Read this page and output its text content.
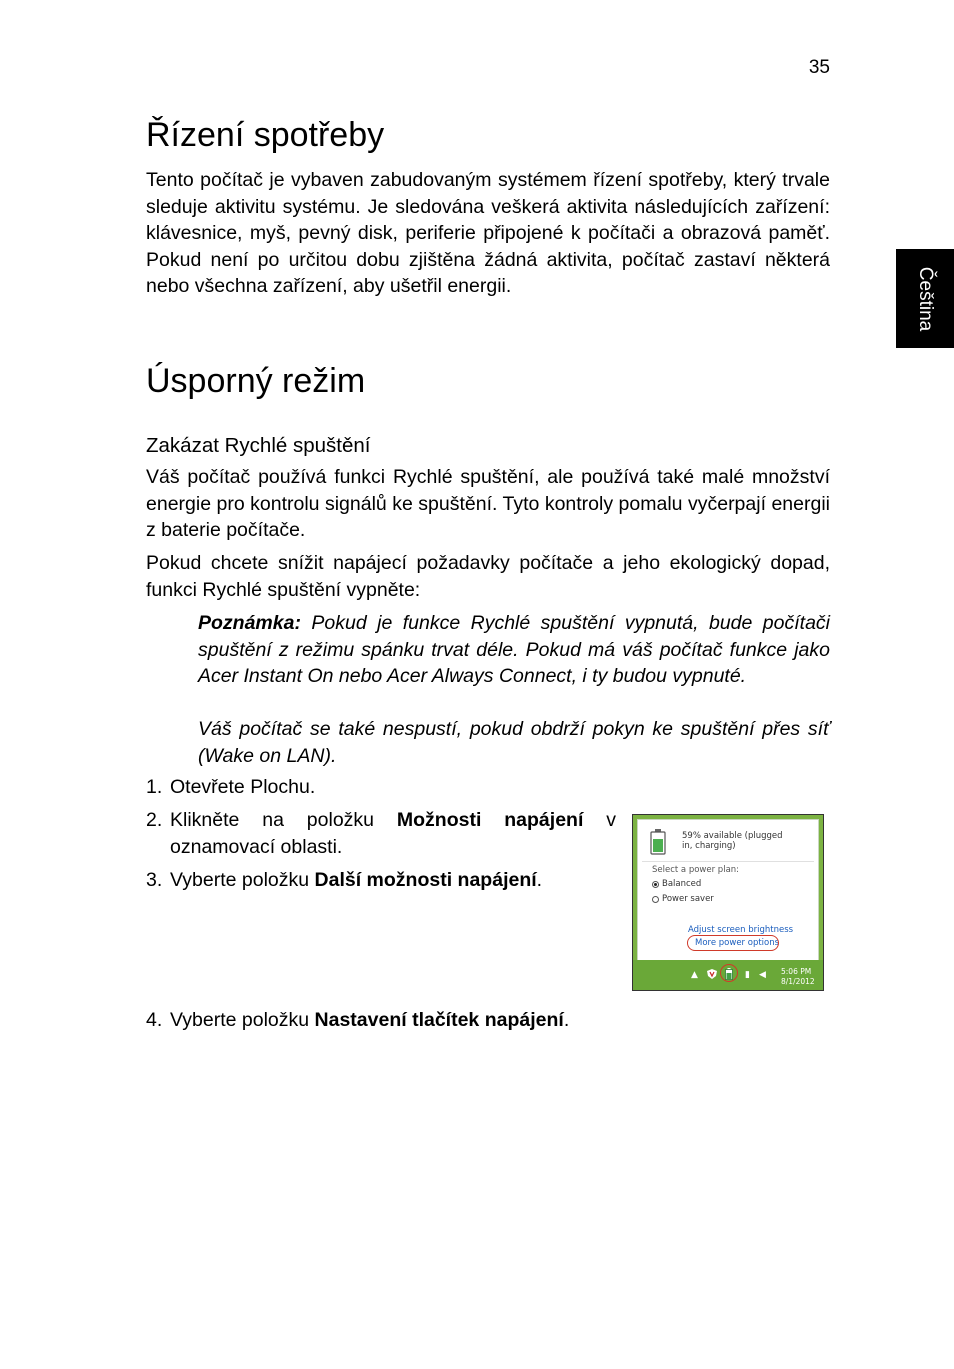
35
Čeština
Řízení spotřeby

Tento počítač je vybaven zabudovaným systémem řízení spotřeby, který trvale sleduje aktivitu systému. Je sledována veškerá aktivita následujících zařízení: klávesnice, myš, pevný disk, periferie připojené k počítači a obrazová paměť. Pokud není po určitou dobu zjištěna žádná aktivita, počítač zastaví některá nebo všechna zařízení, aby ušetřil energii.

Úsporný režim
Zakázat Rychlé spuštění

Váš počítač používá funkci Rychlé spuštění, ale používá také malé množství energie pro kontrolu signálů ke spuštění. Tyto kontroly pomalu vyčerpají energii z baterie počítače.

Pokud chcete snížit napájecí požadavky počítače a jeho ekologický dopad, funkci Rychlé spuštění vypněte:

Poznámka: Pokud je funkce Rychlé spuštění vypnutá, bude počítači spuštění z režimu spánku trvat déle. Pokud má váš počítač funkce jako Acer Instant On nebo Acer Always Connect, i ty budou vypnuté.

Váš počítač se také nespustí, pokud obdrží pokyn ke spuštění přes síť (Wake on LAN).

1. Otevřete Plochu.
2. Klikněte na položku Možnosti napájení v oznamovací oblasti.
3. Vyberte položku Další možnosti napájení.
4. Vyberte položku Nastavení tlačítek napájení.
59% available (plugged in, charging)
Select a power plan:
Balanced
Power saver
Adjust screen brightness
More power options
▲	▮ ◀ 5:06 PM
8/1/2012
